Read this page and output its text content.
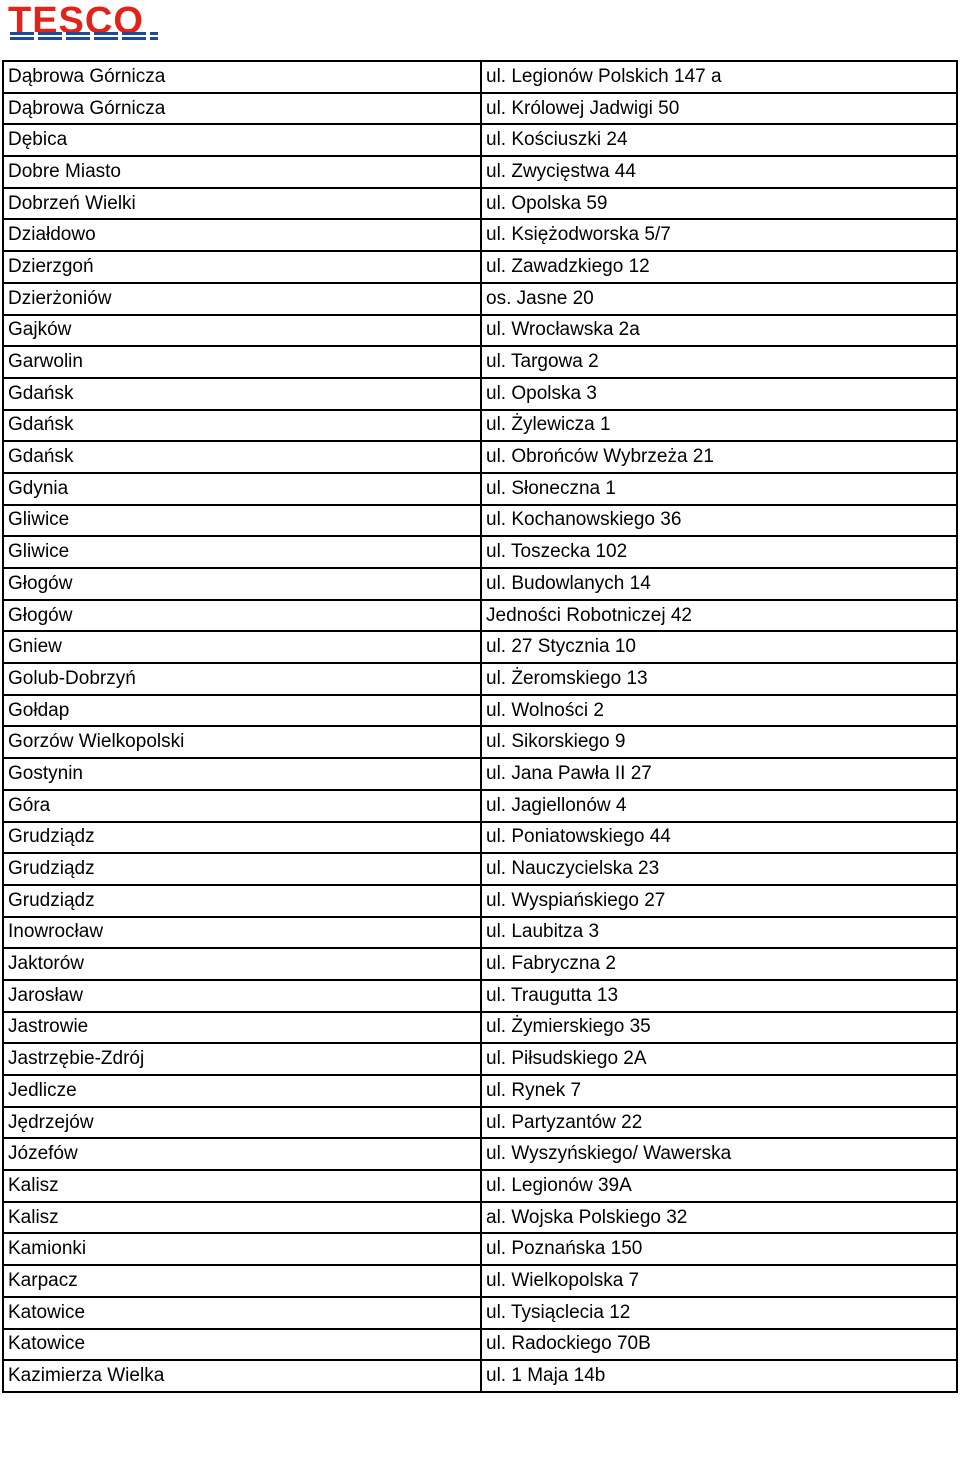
TESCO
Dąbrowa Górnicza	ul. Legionów Polskich 147 a
Dąbrowa Górnicza	ul. Królowej Jadwigi 50
Dębica	ul. Kościuszki 24
Dobre Miasto	ul. Zwycięstwa 44
Dobrzeń Wielki	ul. Opolska 59
Działdowo	ul. Księżodworska 5/7
Dzierzgoń	ul. Zawadzkiego 12
Dzierżoniów	os. Jasne 20
Gajków	ul. Wrocławska 2a
Garwolin	ul. Targowa 2
Gdańsk	ul. Opolska 3
Gdańsk	ul. Żylewicza 1
Gdańsk	ul. Obrońców Wybrzeża 21
Gdynia	ul. Słoneczna 1
Gliwice	ul. Kochanowskiego 36
Gliwice	ul. Toszecka 102
Głogów	ul. Budowlanych 14
Głogów	Jedności Robotniczej 42
Gniew	ul. 27 Stycznia 10
Golub-Dobrzyń	ul. Żeromskiego 13
Gołdap	ul. Wolności 2
Gorzów Wielkopolski	ul. Sikorskiego 9
Gostynin	ul. Jana Pawła II 27
Góra	ul. Jagiellonów 4
Grudziądz	ul. Poniatowskiego 44
Grudziądz	ul. Nauczycielska 23
Grudziądz	ul. Wyspiańskiego 27
Inowrocław	ul. Laubitza 3
Jaktorów	ul. Fabryczna 2
Jarosław	ul. Traugutta 13
Jastrowie	ul. Żymierskiego 35
Jastrzębie-Zdrój	ul. Piłsudskiego 2A
Jedlicze	ul. Rynek 7
Jędrzejów	ul. Partyzantów 22
Józefów	ul. Wyszyńskiego/ Wawerska
Kalisz	ul. Legionów 39A
Kalisz	al. Wojska Polskiego 32
Kamionki	ul. Poznańska 150
Karpacz	ul. Wielkopolska 7
Katowice	ul. Tysiąclecia 12
Katowice	ul. Radockiego 70B
Kazimierza Wielka	ul. 1 Maja 14b
